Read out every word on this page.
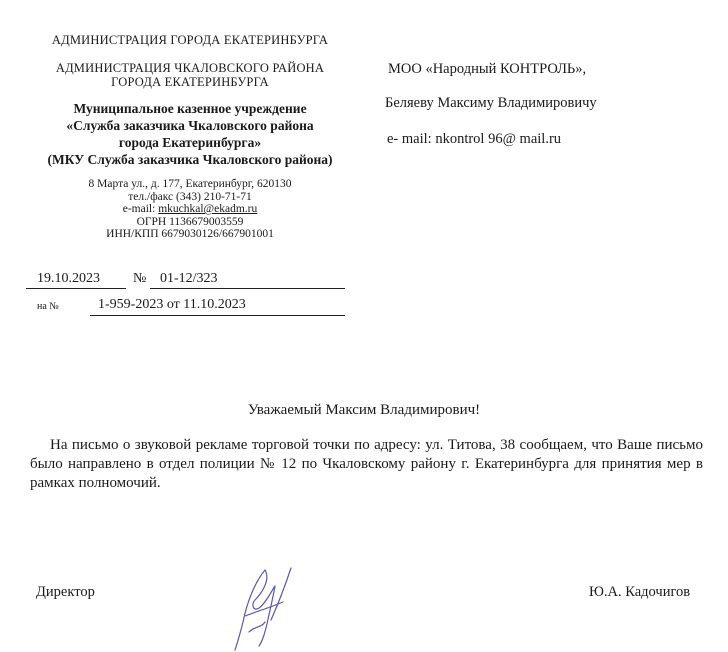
АДМИНИСТРАЦИЯ ГОРОДА ЕКАТЕРИНБУРГА
АДМИНИСТРАЦИЯ ЧКАЛОВСКОГО РАЙОНА
ГОРОДА ЕКАТЕРИНБУРГА
Муниципальное казенное учреждение
«Служба заказчика Чкаловского района
города Екатеринбурга»
(МКУ Служба заказчика Чкаловского района)
8 Марта ул., д. 177, Екатеринбург, 620130
тел./факс (343) 210-71-71
e-mail: mkuchkal@ekadm.ru
ОГРН 1136679003559
ИНН/КПП 6679030126/667901001
19.10.2023 № 01-12/323
на №	1-959-2023 от 11.10.2023
МОО «Народный КОНТРОЛЬ»,
Беляеву Максиму Владимировичу
e- mail: nkontrol 96@ mail.ru
Уважаемый Максим Владимирович!
На письмо о звуковой рекламе торговой точки по адресу: ул. Титова, 38 сообщаем, что Ваше письмо было направлено в отдел полиции № 12 по Чкаловскому району г. Екатеринбурга для принятия мер в рамках полномочий.
Директор	Ю.А. Кадочигов
